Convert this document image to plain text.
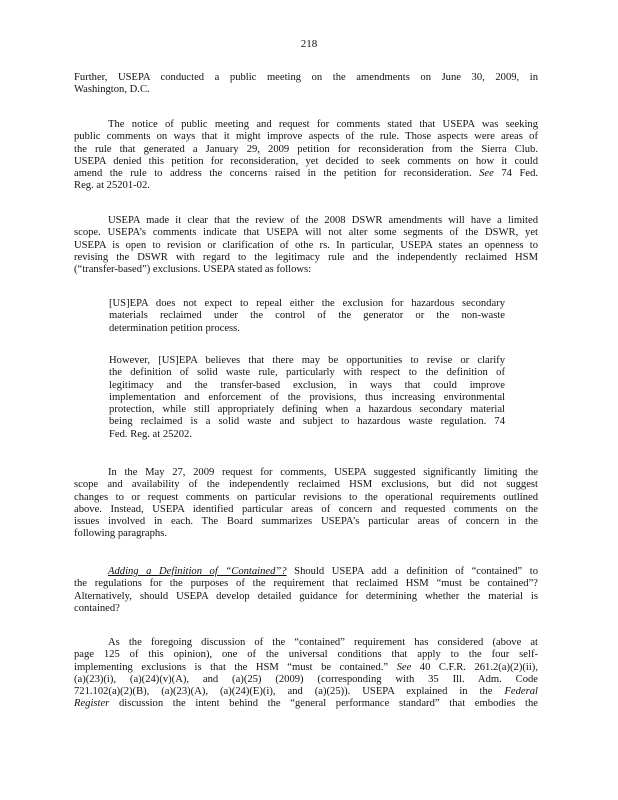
218
Further, USEPA conducted a public meeting on the amendments on June 30, 2009, in
Washington, D.C.
The notice of public meeting and request for comments stated that USEPA was seeking
public comments on ways that it might improve aspects of the rule. Those aspects were areas of
the rule that generated a January 29, 2009 petition for reconsideration from the Sierra Club.
USEPA denied this petition for reconsideration, yet decided to seek comments on how it could
amend the rule to address the concerns raised in the petition for reconsideration. See 74 Fed.
Reg. at 25201-02.
USEPA made it clear that the review of the 2008 DSWR amendments will have a limited
scope. USEPA’s comments indicate that USEPA will not alter some segments of the DSWR, yet
USEPA is open to revision or clarification of othe rs. In particular, USEPA states an openness to
revising the DSWR with regard to the legitimacy rule and the independently reclaimed HSM
(“transfer-based”) exclusions. USEPA stated as follows:
[US]EPA does not expect to repeal either the exclusion for hazardous secondary
materials reclaimed under the control of the generator or the non-waste
determination petition process.
However, [US]EPA believes that there may be opportunities to revise or clarify
the definition of solid waste rule, particularly with respect to the definition of
legitimacy and the transfer-based exclusion, in ways that could improve
implementation and enforcement of the provisions, thus increasing environmental
protection, while still appropriately defining when a hazardous secondary material
being reclaimed is a solid waste and subject to hazardous waste regulation. 74
Fed. Reg. at 25202.
In the May 27, 2009 request for comments, USEPA suggested significantly limiting the
scope and availability of the independently reclaimed HSM exclusions, but did not suggest
changes to or request comments on particular revisions to the operational requirements outlined
above. Instead, USEPA identified particular areas of concern and requested comments on the
issues involved in each. The Board summarizes USEPA’s particular areas of concern in the
following paragraphs.
Adding a Definition of “Contained”? Should USEPA add a definition of “contained” to
the regulations for the purposes of the requirement that reclaimed HSM “must be contained”?
Alternatively, should USEPA develop detailed guidance for determining whether the material is
contained?
As the foregoing discussion of the “contained” requirement has considered (above at
page 125 of this opinion), one of the universal conditions that apply to the four self-
implementing exclusions is that the HSM “must be contained.” See 40 C.F.R. 261.2(a)(2)(ii),
(a)(23)(i), (a)(24)(v)(A), and (a)(25) (2009) (corresponding with 35 Ill. Adm. Code
721.102(a)(2)(B), (a)(23)(A), (a)(24)(E)(i), and (a)(25)). USEPA explained in the Federal
Register discussion the intent behind the “general performance standard” that embodies the
